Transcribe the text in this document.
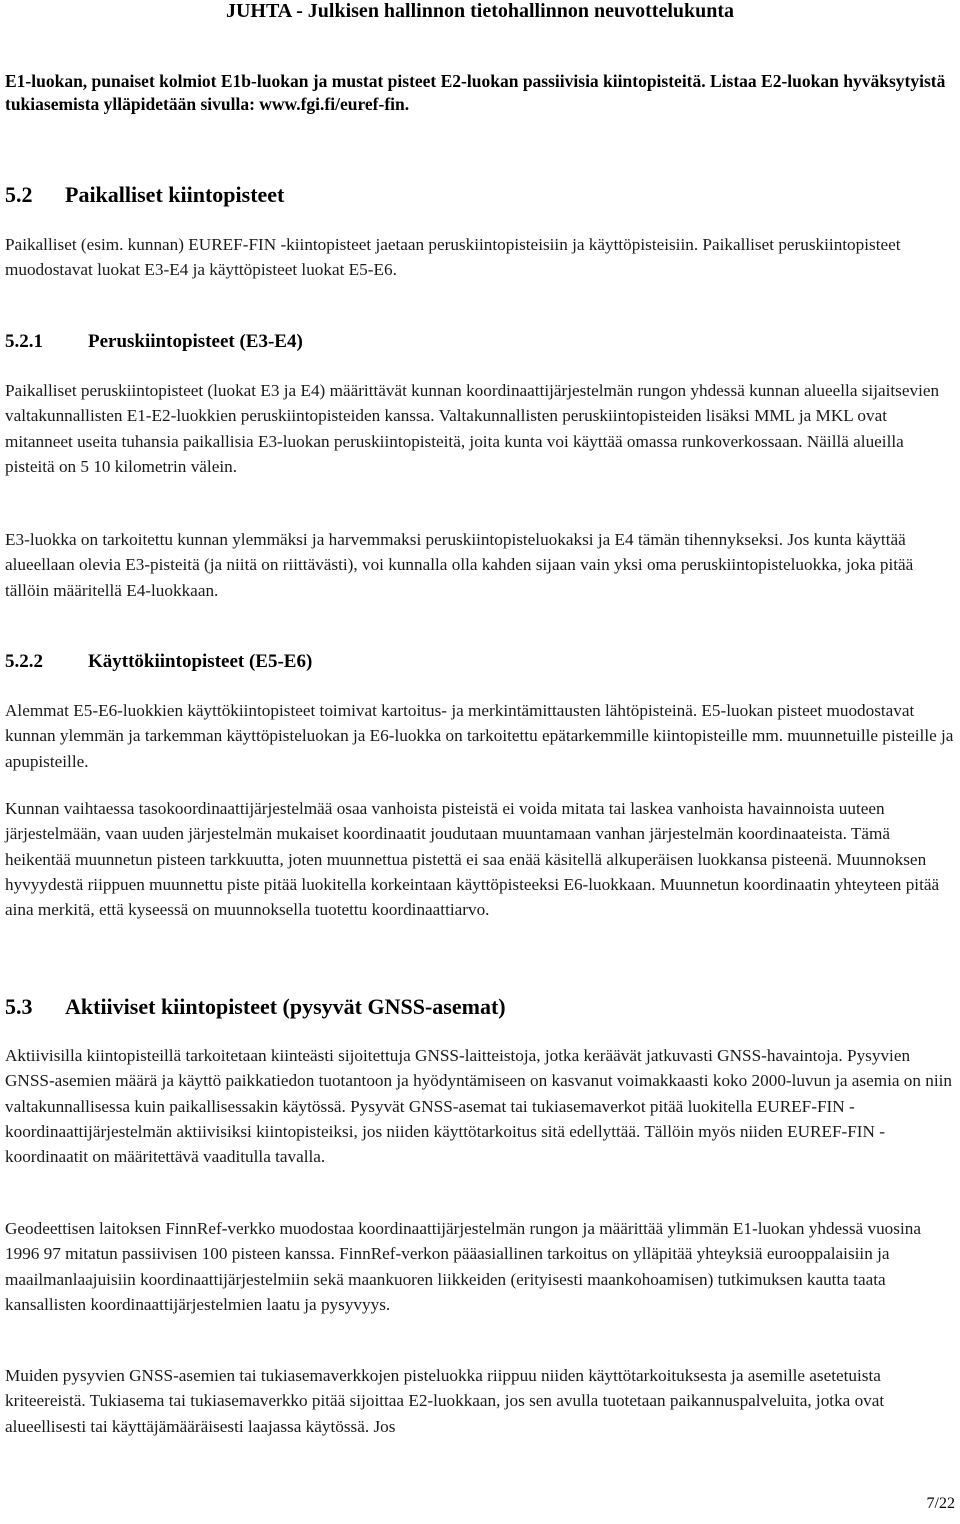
JUHTA - Julkisen hallinnon tietohallinnon neuvottelukunta

E1-luokan, punaiset kolmiot E1b-luokan ja mustat pisteet E2-luokan passiivisia kiintopisteitä. Listaa E2-luokan hyväksytyistä tukiasemista ylläpidetään sivulla: www.fgi.fi/euref-fin.

5.2 Paikalliset kiintopisteet

Paikalliset (esim. kunnan) EUREF-FIN -kiintopisteet jaetaan peruskiintopisteisiin ja käyttöpisteisiin. Paikalliset peruskiintopisteet muodostavat luokat E3-E4 ja käyttöpisteet luokat E5-E6.

5.2.1 Peruskiintopisteet (E3-E4)

Paikalliset peruskiintopisteet (luokat E3 ja E4) määrittävät kunnan koordinaattijärjestelmän rungon yhdessä kunnan alueella sijaitsevien valtakunnallisten E1-E2-luokkien peruskiintopisteiden kanssa. Valtakunnallisten peruskiintopisteiden lisäksi MML ja MKL ovat mitanneet useita tuhansia paikallisia E3-luokan peruskiintopisteitä, joita kunta voi käyttää omassa runkoverkossaan. Näillä alueilla pisteitä on 5 10 kilometrin välein.

E3-luokka on tarkoitettu kunnan ylemmäksi ja harvemmaksi peruskiintopisteluokaksi ja E4 tämän tihennykseksi. Jos kunta käyttää alueellaan olevia E3-pisteitä (ja niitä on riittävästi), voi kunnalla olla kahden sijaan vain yksi oma peruskiintopisteluokka, joka pitää tällöin määritellä E4-luokkaan.

5.2.2 Käyttökiintopisteet (E5-E6)

Alemmat E5-E6-luokkien käyttökiintopisteet toimivat kartoitus- ja merkintämittausten lähtöpisteinä. E5-luokan pisteet muodostavat kunnan ylemmän ja tarkemman käyttöpisteluokan ja E6-luokka on tarkoitettu epätarkemmille kiintopisteille mm. muunnetuille pisteille ja apupisteille.

Kunnan vaihtaessa tasokoordinaattijärjestelmää osaa vanhoista pisteistä ei voida mitata tai laskea vanhoista havainnoista uuteen järjestelmään, vaan uuden järjestelmän mukaiset koordinaatit joudutaan muuntamaan vanhan järjestelmän koordinaateista. Tämä heikentää muunnetun pisteen tarkkuutta, joten muunnettua pistettä ei saa enää käsitellä alkuperäisen luokkansa pisteenä. Muunnoksen hyvyydestä riippuen muunnettu piste pitää luokitella korkeintaan käyttöpisteeksi E6-luokkaan. Muunnetun koordinaatin yhteyteen pitää aina merkitä, että kyseessä on muunnoksella tuotettu koordinaattiarvo.

5.3 Aktiiviset kiintopisteet (pysyvät GNSS-asemat)

Aktiivisilla kiintopisteillä tarkoitetaan kiinteästi sijoitettuja GNSS-laitteistoja, jotka keräävät jatkuvasti GNSS-havaintoja. Pysyvien GNSS-asemien määrä ja käyttö paikkatiedon tuotantoon ja hyödyntämiseen on kasvanut voimakkaasti koko 2000-luvun ja asemia on niin valtakunnallisessa kuin paikallisessakin käytössä. Pysyvät GNSS-asemat tai tukiasemaverkot pitää luokitella EUREF-FIN -koordinaattijärjestelmän aktiivisiksi kiintopisteiksi, jos niiden käyttötarkoitus sitä edellyttää. Tällöin myös niiden EUREF-FIN -koordinaatit on määritettävä vaaditulla tavalla.

Geodeettisen laitoksen FinnRef-verkko muodostaa koordinaattijärjestelmän rungon ja määrittää ylimmän E1-luokan yhdessä vuosina 1996 97 mitatun passiivisen 100 pisteen kanssa. FinnRef-verkon pääasiallinen tarkoitus on ylläpitää yhteyksiä eurooppalaisiin ja maailmanlaajuisiin koordinaattijärjestelmiin sekä maankuoren liikkeiden (erityisesti maankohoamisen) tutkimuksen kautta taata kansallisten koordinaattijärjestelmien laatu ja pysyvyys.

Muiden pysyvien GNSS-asemien tai tukiasemaverkkojen pisteluokka riippuu niiden käyttötarkoituksesta ja asemille asetetuista kriteereistä. Tukiasema tai tukiasemaverkko pitää sijoittaa E2-luokkaan, jos sen avulla tuotetaan paikannuspalveluita, jotka ovat alueellisesti tai käyttäjämääräisesti laajassa käytössä. Jos

7/22
